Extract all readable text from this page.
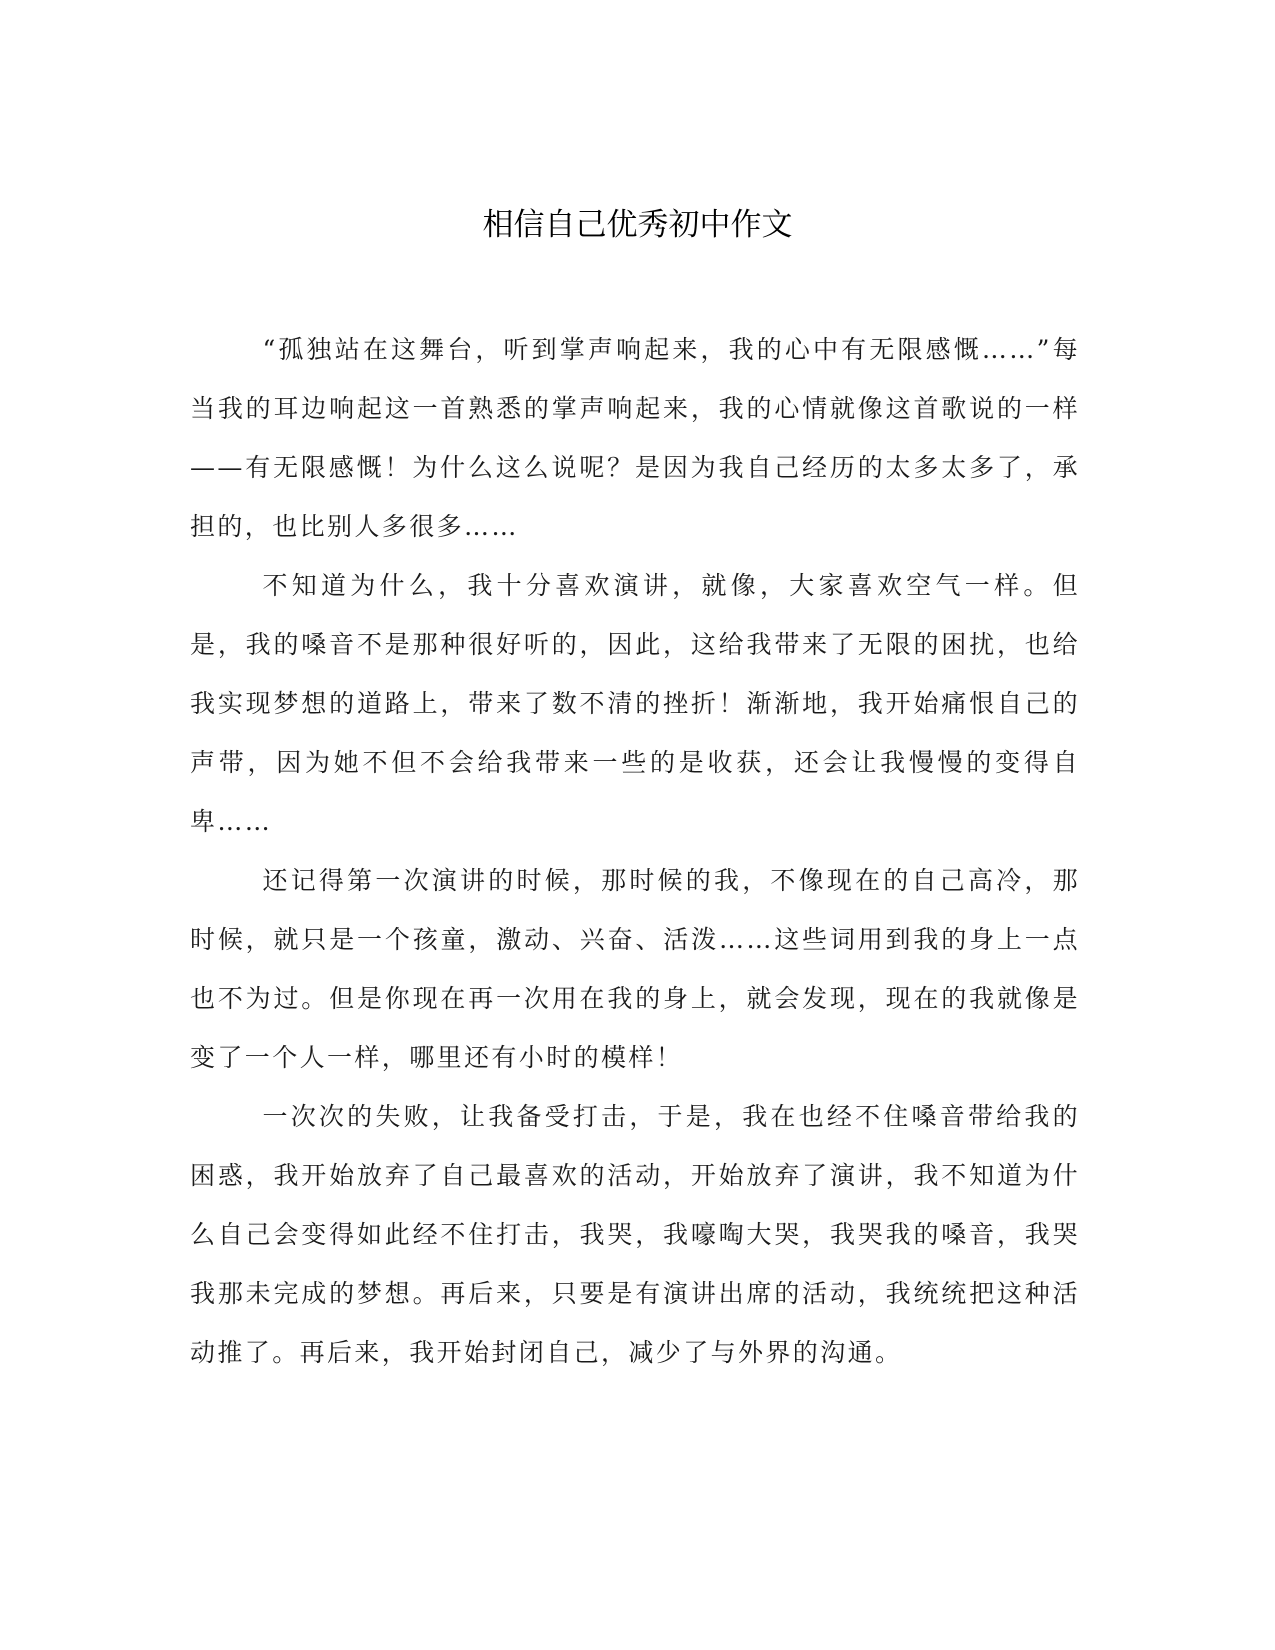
相信自己优秀初中作文

“孤独站在这舞台，听到掌声响起来，我的心中有无限感慨……”每当我的耳边响起这一首熟悉的掌声响起来，我的心情就像这首歌说的一样——有无限感慨！为什么这么说呢？是因为我自己经历的太多太多了，承担的，也比别人多很多……

不知道为什么，我十分喜欢演讲，就像，大家喜欢空气一样。但是，我的嗓音不是那种很好听的，因此，这给我带来了无限的困扰，也给我实现梦想的道路上，带来了数不清的挫折！渐渐地，我开始痛恨自己的声带，因为她不但不会给我带来一些的是收获，还会让我慢慢的变得自卑……

还记得第一次演讲的时候，那时候的我，不像现在的自己高冷，那时候，就只是一个孩童，激动、兴奋、活泼……这些词用到我的身上一点也不为过。但是你现在再一次用在我的身上，就会发现，现在的我就像是变了一个人一样，哪里还有小时的模样！

一次次的失败，让我备受打击，于是，我在也经不住嗓音带给我的困惑，我开始放弃了自己最喜欢的活动，开始放弃了演讲，我不知道为什么自己会变得如此经不住打击，我哭，我嚎啕大哭，我哭我的嗓音，我哭我那未完成的梦想。再后来，只要是有演讲出席的活动，我统统把这种活动推了。再后来，我开始封闭自己，减少了与外界的沟通。
